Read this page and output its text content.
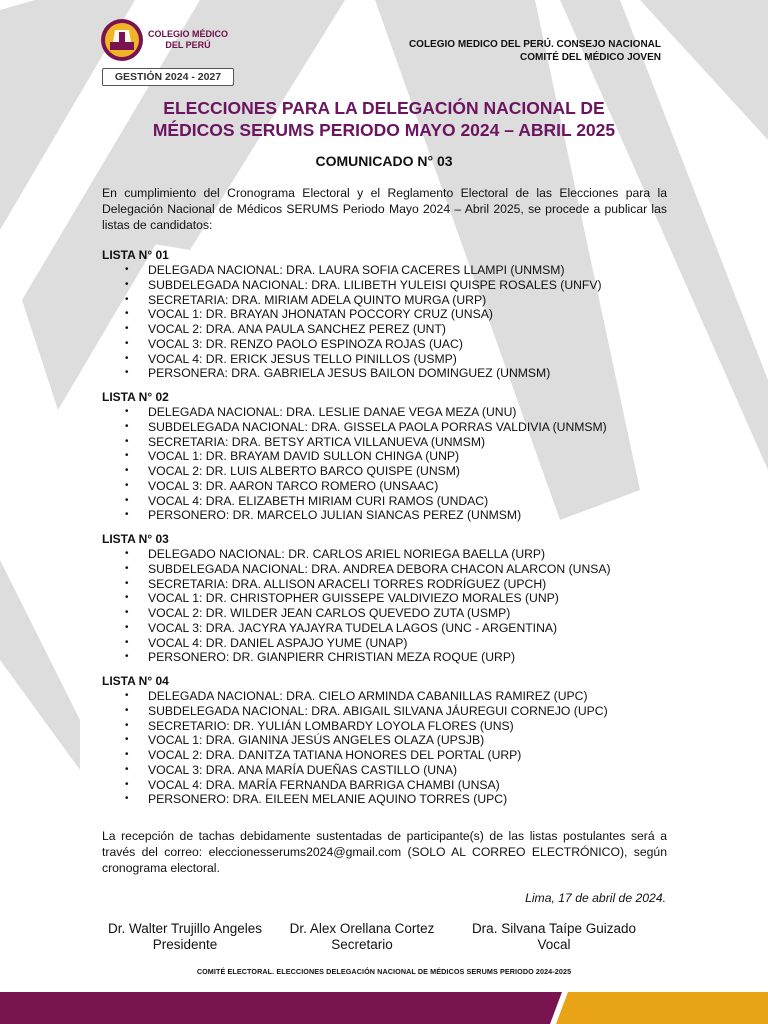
COLEGIO MÉDICO
DEL PERÚ
GESTIÓN 2024 - 2027
COLEGIO MEDICO DEL PERÚ. CONSEJO NACIONAL
COMITÉ DEL MÉDICO JOVEN
ELECCIONES PARA LA DELEGACIÓN NACIONAL DE
MÉDICOS SERUMS PERIODO MAYO 2024 – ABRIL 2025
COMUNICADO N° 03
En cumplimiento del Cronograma Electoral y el Reglamento Electoral de las Elecciones para la Delegación Nacional de Médicos SERUMS Periodo Mayo 2024 – Abril 2025, se procede a publicar las listas de candidatos:
LISTA N° 01
• DELEGADA NACIONAL: DRA. LAURA SOFIA CACERES LLAMPI (UNMSM)
• SUBDELEGADA NACIONAL: DRA. LILIBETH YULEISI QUISPE ROSALES (UNFV)
• SECRETARIA: DRA. MIRIAM ADELA QUINTO MURGA (URP)
• VOCAL 1: DR. BRAYAN JHONATAN POCCORY CRUZ (UNSA)
• VOCAL 2: DRA. ANA PAULA SANCHEZ PEREZ (UNT)
• VOCAL 3: DR. RENZO PAOLO ESPINOZA ROJAS (UAC)
• VOCAL 4: DR. ERICK JESUS TELLO PINILLOS (USMP)
• PERSONERA: DRA. GABRIELA JESUS BAILON DOMINGUEZ (UNMSM)
LISTA N° 02
• DELEGADA NACIONAL: DRA. LESLIE DANAE VEGA MEZA (UNU)
• SUBDELEGADA NACIONAL: DRA. GISSELA PAOLA PORRAS VALDIVIA (UNMSM)
• SECRETARIA: DRA. BETSY ARTICA VILLANUEVA (UNMSM)
• VOCAL 1: DR. BRAYAM DAVID SULLON CHINGA (UNP)
• VOCAL 2: DR. LUIS ALBERTO BARCO QUISPE (UNSM)
• VOCAL 3: DR. AARON TARCO ROMERO (UNSAAC)
• VOCAL 4: DRA. ELIZABETH MIRIAM CURI RAMOS (UNDAC)
• PERSONERO: DR. MARCELO JULIAN SIANCAS PEREZ (UNMSM)
LISTA N° 03
• DELEGADO NACIONAL: DR. CARLOS ARIEL NORIEGA BAELLA (URP)
• SUBDELEGADA NACIONAL: DRA. ANDREA DEBORA CHACON ALARCON (UNSA)
• SECRETARIA: DRA. ALLISON ARACELI TORRES RODRÍGUEZ (UPCH)
• VOCAL 1: DR. CHRISTOPHER GUISSEPE VALDIVIEZO MORALES (UNP)
• VOCAL 2: DR. WILDER JEAN CARLOS QUEVEDO ZUTA (USMP)
• VOCAL 3: DRA. JACYRA YAJAYRA TUDELA LAGOS (UNC - ARGENTINA)
• VOCAL 4: DR. DANIEL ASPAJO YUME (UNAP)
• PERSONERO: DR. GIANPIERR CHRISTIAN MEZA ROQUE (URP)
LISTA N° 04
• DELEGADA NACIONAL: DRA. CIELO ARMINDA CABANILLAS RAMIREZ (UPC)
• SUBDELEGADA NACIONAL: DRA. ABIGAIL SILVANA JÁUREGUI CORNEJO (UPC)
• SECRETARIO: DR. YULIÁN LOMBARDY LOYOLA FLORES (UNS)
• VOCAL 1: DRA. GIANINA JESÚS ANGELES OLAZA (UPSJB)
• VOCAL 2: DRA. DANITZA TATIANA HONORES DEL PORTAL (URP)
• VOCAL 3: DRA. ANA MARÍA DUEÑAS CASTILLO (UNA)
• VOCAL 4: DRA. MARÍA FERNANDA BARRIGA CHAMBI (UNSA)
• PERSONERO: DRA. EILEEN MELANIE AQUINO TORRES (UPC)
La recepción de tachas debidamente sustentadas de participante(s) de las listas postulantes será a través del correo: eleccionesserums2024@gmail.com (SOLO AL CORREO ELECTRÓNICO), según cronograma electoral.
Lima, 17 de abril de 2024.
Dr. Walter Trujillo Angeles
Presidente
Dr. Alex Orellana Cortez
Secretario
Dra. Silvana Taípe Guizado
Vocal
COMITÉ ELECTORAL. ELECCIONES DELEGACIÓN NACIONAL DE MÉDICOS SERUMS PERIODO 2024-2025
